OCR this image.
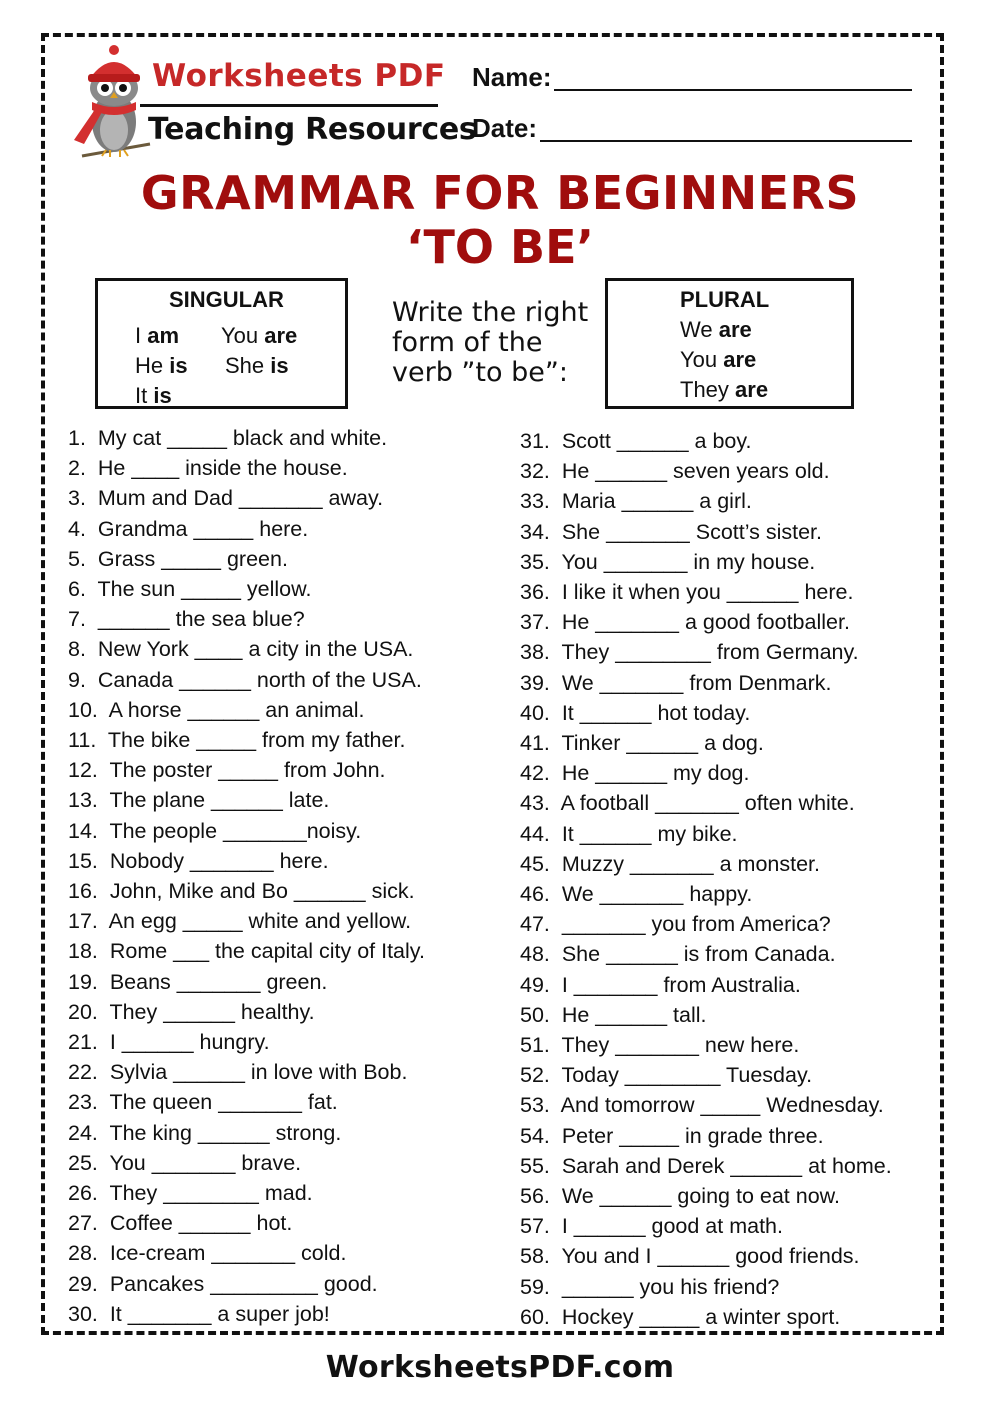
Worksheets PDF
Teaching Resources
Name:
Date:
GRAMMAR FOR BEGINNERS
‘TO BE’
SINGULAR
I am You are
He is She is
It is
Write the right
form of the
verb ”to be”:
PLURAL
We are
You are
They are
1.  My cat _____ black and white.
2.  He ____ inside the house.
3.  Mum and Dad _______ away.
4.  Grandma _____ here.
5.  Grass _____ green.
6.  The sun _____ yellow.
7.  ______ the sea blue?
8.  New York ____ a city in the USA.
9.  Canada ______ north of the USA.
10.  A horse ______ an animal.
11.  The bike _____ from my father.
12.  The poster _____ from John.
13.  The plane ______ late.
14.  The people _______noisy.
15.  Nobody _______ here.
16.  John, Mike and Bo ______ sick.
17.  An egg _____ white and yellow.
18.  Rome ___ the capital city of Italy.
19.  Beans _______ green.
20.  They ______ healthy.
21.  I ______ hungry.
22.  Sylvia ______ in love with Bob.
23.  The queen _______ fat.
24.  The king ______ strong.
25.  You _______ brave.
26.  They ________ mad.
27.  Coffee ______ hot.
28.  Ice-cream _______ cold.
29.  Pancakes _________ good.
30.  It _______ a super job!
31.  Scott ______ a boy.
32.  He ______ seven years old.
33.  Maria ______ a girl.
34.  She _______ Scott’s sister.
35.  You _______ in my house.
36.  I like it when you ______ here.
37.  He _______ a good footballer.
38.  They ________ from Germany.
39.  We _______ from Denmark.
40.  It ______ hot today.
41.  Tinker ______ a dog.
42.  He ______ my dog.
43.  A football _______ often white.
44.  It ______ my bike.
45.  Muzzy _______ a monster.
46.  We _______ happy.
47.  _______ you from America?
48.  She ______ is from Canada.
49.  I _______ from Australia.
50.  He ______ tall.
51.  They _______ new here.
52.  Today ________ Tuesday.
53.  And tomorrow _____ Wednesday.
54.  Peter _____ in grade three.
55.  Sarah and Derek ______ at home.
56.  We ______ going to eat now.
57.  I ______ good at math.
58.  You and I ______ good friends.
59.  ______ you his friend?
60.  Hockey _____ a winter sport.
WorksheetsPDF.com
